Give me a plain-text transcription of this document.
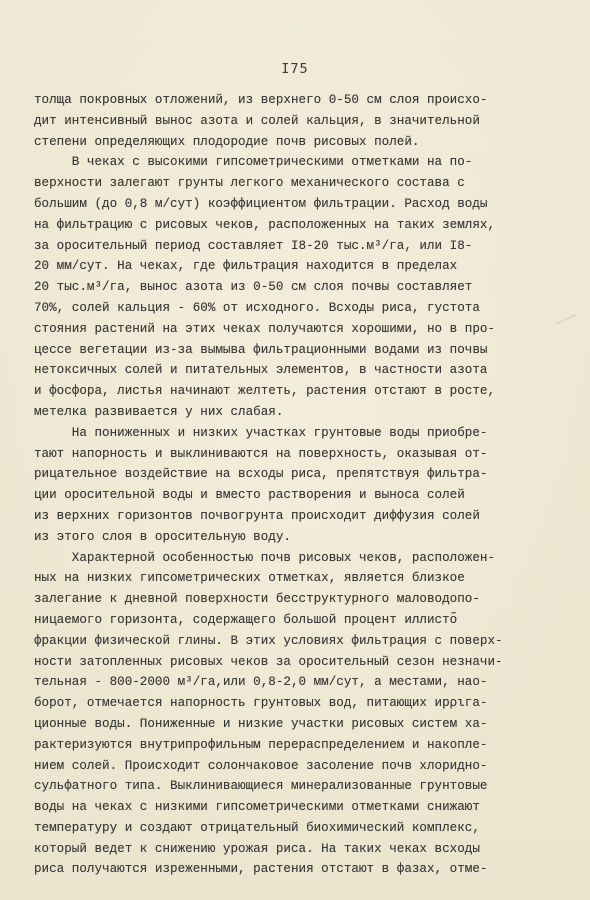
I75
толща покровных отложений, из верхнего 0-50 см слоя происхо-
дит интенсивный вынос азота и солей кальция, в значительной
степени определяющих плодородие почв рисовых полей.
В чеках с высокими гипсометрическими отметками на по-
верхности залегают грунты легкого механического состава с
большим (до 0,8 м/сут) коэффициентом фильтрации. Расход воды
на фильтрацию с рисовых чеков, расположенных на таких землях,
за оросительный период составляет I8-20 тыс.м³/га, или I8-
20 мм/сут. На чеках, где фильтрация находится в пределах
20 тыс.м³/га, вынос азота из 0-50 см слоя почвы составляет
70%, солей кальция - 60% от исходного. Всходы риса, густота
стояния растений на этих чеках получаются хорошими, но в про-
цессе вегетации из-за вымыва фильтрационными водами из почвы
нетоксичных солей и питательных элементов, в частности азота
и фосфора, листья начинают желтеть, растения отстают в росте,
метелка развивается у них слабая.
На пониженных и низких участках грунтовые воды приобре-
тают напорность и выклиниваются на поверхность, оказывая от-
рицательное воздействие на всходы риса, препятствуя фильтра-
ции оросительной воды и вместо растворения и выноса солей
из верхних горизонтов почвогрунта происходит диффузия солей
из этого слоя в оросительную воду.
Характерной особенностью почв рисовых чеков, расположен-
ных на низких гипсометрических отметках, является близкое
залегание к дневной поверхности бесструктурного маловодопо-
ницаемого горизонта, содержащего большой процент иллисто̃
фракции физической глины. В этих условиях фильтрация с поверх-
ности затопленных рисовых чеков за оросительный сезон незначи-
тельная - 800-2000 м³/га,или 0,8-2,0 мм/сут, а местами, нао-
борот, отмечается напорность грунтовых вод, питающих ирριга-
ционные воды. Пониженные и низкие участки рисовых систем ха-
рактеризуются внутрипрофильным перераспределением и накопле-
нием солей. Происходит солончаковое засоление почв хлоридно-
сульфатного типа. Выклинивающиеся минерализованные грунтовые
воды на чеках с низкими гипсометрическими отметками снижают
температуру и создают отрицательный биохимический комплекс,
который ведет к снижению урожая риса. На таких чеках всходы
риса получаются изреженными, растения отстают в фазах, отме-
